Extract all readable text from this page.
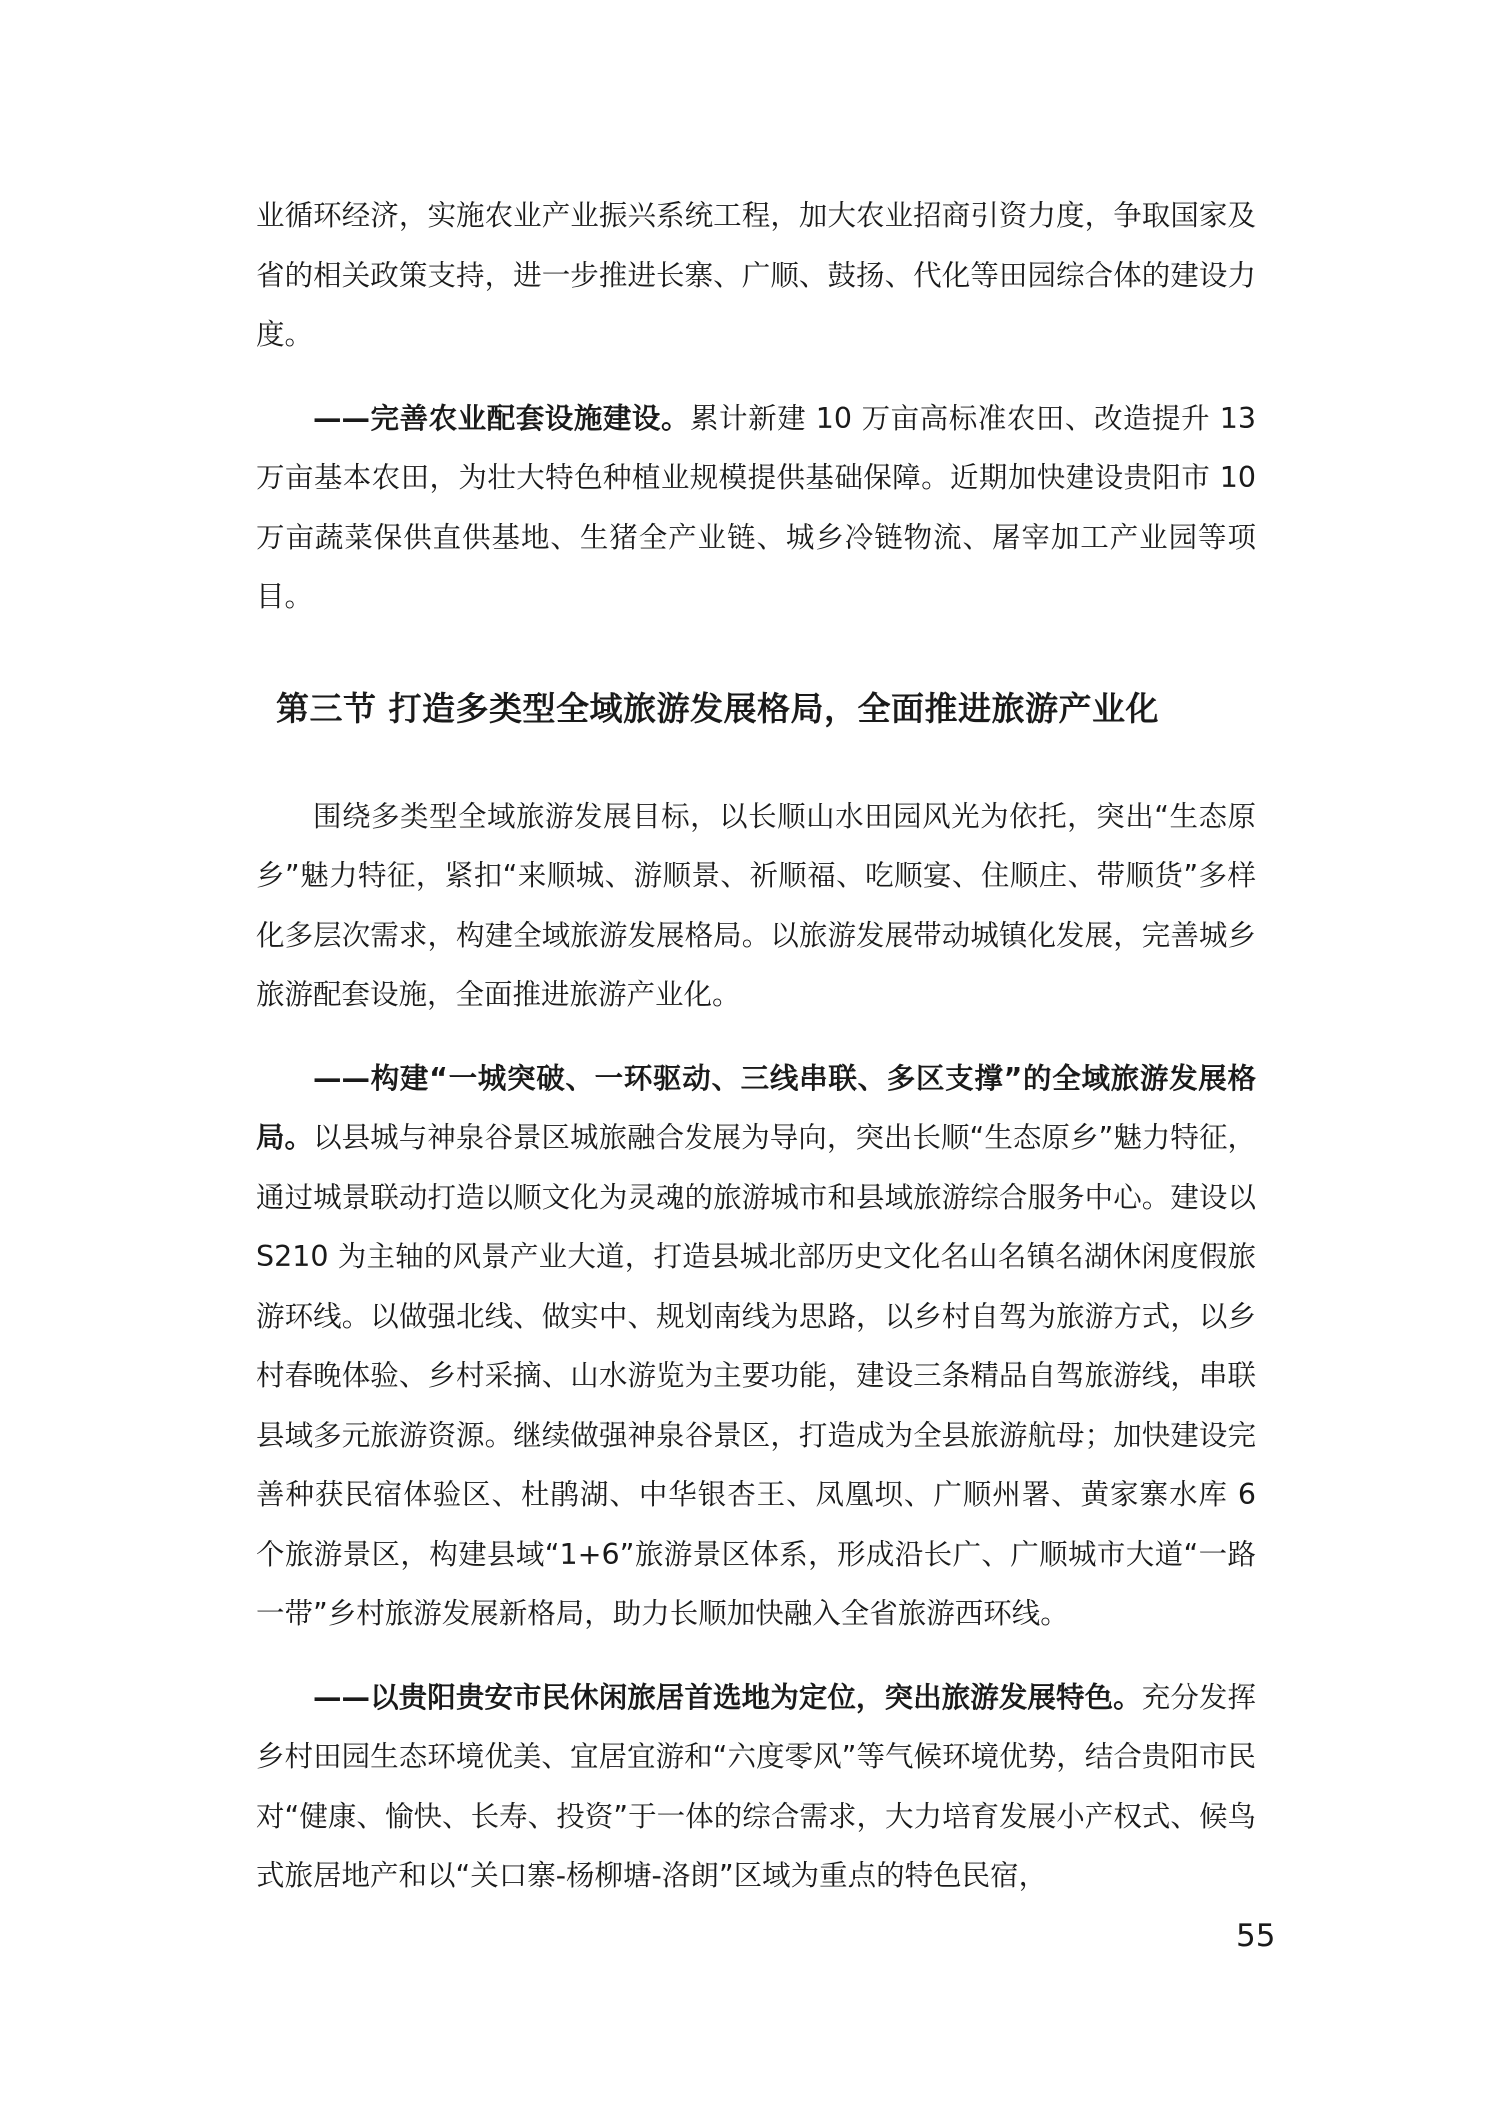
业循环经济，实施农业产业振兴系统工程，加大农业招商引资力度，争取国家及省的相关政策支持，进一步推进长寨、广顺、鼓扬、代化等田园综合体的建设力度。

——完善农业配套设施建设。累计新建 10 万亩高标准农田、改造提升 13 万亩基本农田，为壮大特色种植业规模提供基础保障。近期加快建设贵阳市 10 万亩蔬菜保供直供基地、生猪全产业链、城乡冷链物流、屠宰加工产业园等项目。

第三节 打造多类型全域旅游发展格局，全面推进旅游产业化

围绕多类型全域旅游发展目标，以长顺山水田园风光为依托，突出“生态原乡”魅力特征，紧扣“来顺城、游顺景、祈顺福、吃顺宴、住顺庄、带顺货”多样化多层次需求，构建全域旅游发展格局。以旅游发展带动城镇化发展，完善城乡旅游配套设施，全面推进旅游产业化。

——构建“一城突破、一环驱动、三线串联、多区支撑”的全域旅游发展格局。以县城与神泉谷景区城旅融合发展为导向，突出长顺“生态原乡”魅力特征，通过城景联动打造以顺文化为灵魂的旅游城市和县域旅游综合服务中心。建设以 S210 为主轴的风景产业大道，打造县城北部历史文化名山名镇名湖休闲度假旅游环线。以做强北线、做实中、规划南线为思路，以乡村自驾为旅游方式，以乡村春晚体验、乡村采摘、山水游览为主要功能，建设三条精品自驾旅游线，串联县域多元旅游资源。继续做强神泉谷景区，打造成为全县旅游航母；加快建设完善种获民宿体验区、杜鹃湖、中华银杏王、凤凰坝、广顺州署、黄家寨水库 6 个旅游景区，构建县域“1+6”旅游景区体系，形成沿长广、广顺城市大道“一路一带”乡村旅游发展新格局，助力长顺加快融入全省旅游西环线。

——以贵阳贵安市民休闲旅居首选地为定位，突出旅游发展特色。充分发挥乡村田园生态环境优美、宜居宜游和“六度零风”等气候环境优势，结合贵阳市民对“健康、愉快、长寿、投资”于一体的综合需求，大力培育发展小产权式、候鸟式旅居地产和以“关口寨-杨柳塘-洛朗”区域为重点的特色民宿，

55
